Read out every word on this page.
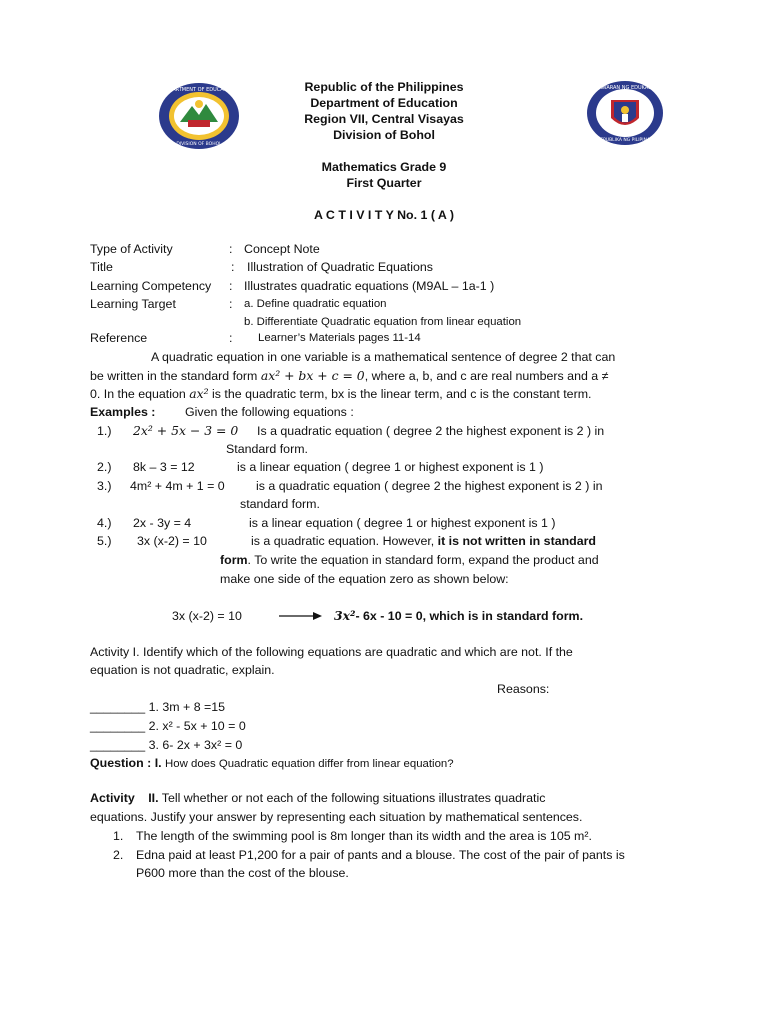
DEPARTMENT OF EDUCATION
DIVISION OF BOHOL
KAGAWARAN NG EDUKASYON
REPUBLIKA NG PILIPINAS
Republic of the Philippines
Department of Education
Region VII, Central Visayas
Division of Bohol
Mathematics Grade 9
First Quarter
A C T I V I T Y No. 1 ( A )
Type of Activity	: Concept Note
Title	: Illustration of Quadratic Equations
Learning Competency : Illustrates quadratic equations (M9AL – 1a-1 )
Learning Target	: a. Define quadratic equation
b. Differentiate Quadratic equation from linear equation
Reference	: Learner’s Materials pages 11-14
A quadratic equation in one variable is a mathematical sentence of degree 2 that can
be written in the standard form ax² + bx + c = 0, where a, b, and c are real numbers and a ≠
0. In the equation ax² is the quadratic term, bx is the linear term, and c is the constant term.
Examples : Given the following equations :
1.) 2x² + 5x − 3 = 0 Is a quadratic equation ( degree 2 the highest exponent is 2 ) in
Standard form.
2.) 8k – 3 = 12	is a linear equation ( degree 1 or highest exponent is 1 )
3.) 4m² + 4m + 1 = 0	is a quadratic equation ( degree 2 the highest exponent is 2 ) in
standard form.
4.) 2x - 3y = 4	is a linear equation ( degree 1 or highest exponent is 1 )
5.) 3x (x-2) = 10	is a quadratic equation. However, it is not written in standard
form. To write the equation in standard form, expand the product and
make one side of the equation zero as shown below:
3x (x-2) = 10	3x²- 6x - 10 = 0, which is in standard form.
Activity I. Identify which of the following equations are quadratic and which are not. If the
equation is not quadratic, explain.
Reasons:
________ 1. 3m + 8 =15
________ 2. x² - 5x + 10 = 0
________ 3. 6- 2x + 3x² = 0
Question : I. How does Quadratic equation differ from linear equation?
Activity II. Tell whether or not each of the following situations illustrates quadratic
equations. Justify your answer by representing each situation by mathematical sentences.
1. The length of the swimming pool is 8m longer than its width and the area is 105 m².
2. Edna paid at least P1,200 for a pair of pants and a blouse. The cost of the pair of pants is
P600 more than the cost of the blouse.
